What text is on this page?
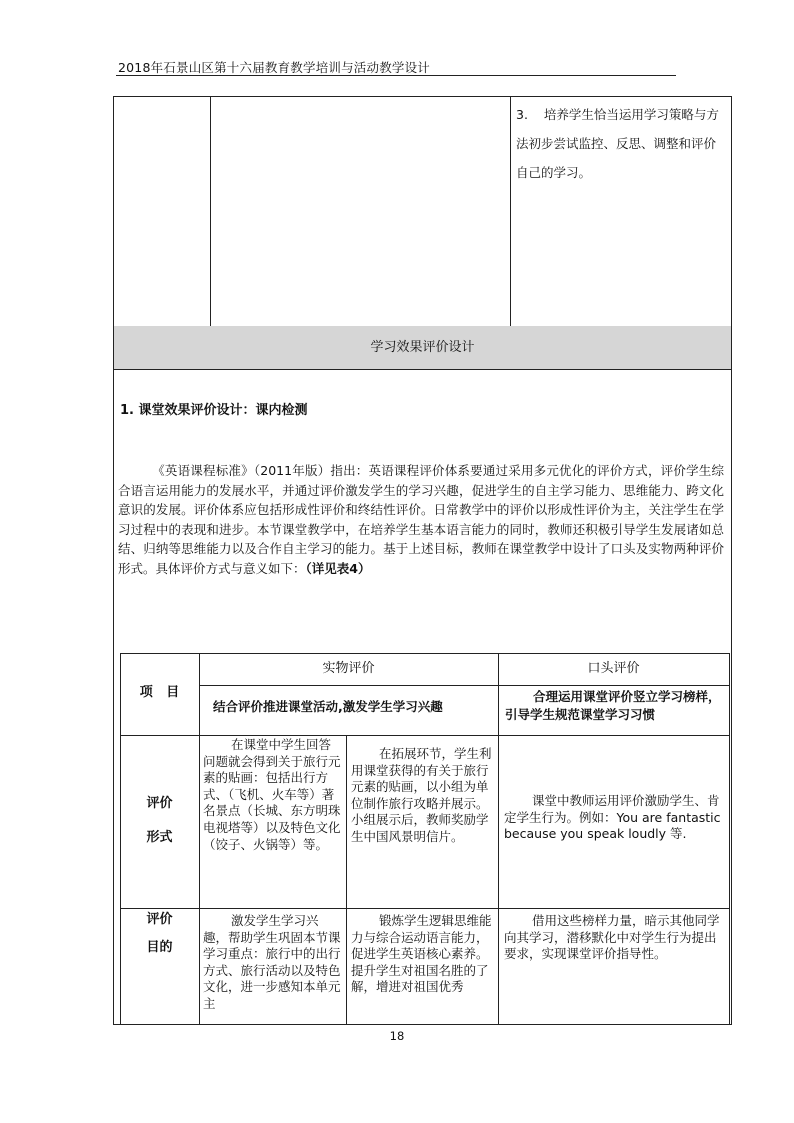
2018年石景山区第十六届教育教学培训与活动教学设计
3.    培养学生恰当运用学习策略与方法初步尝试监控、反思、调整和评价自己的学习。
学习效果评价设计
1. 课堂效果评价设计：课内检测
《英语课程标准》（2011年版）指出：英语课程评价体系要通过采用多元优化的评价方式，评价学生综合语言运用能力的发展水平，并通过评价激发学生的学习兴趣，促进学生的自主学习能力、思维能力、跨文化意识的发展。评价体系应包括形成性评价和终结性评价。日常教学中的评价以形成性评价为主，关注学生在学习过程中的表现和进步。本节课堂教学中，在培养学生基本语言能力的同时，教师还积极引导学生发展诸如总结、归纳等思维能力以及合作自主学习的能力。基于上述目标，教师在课堂教学中设计了口头及实物两种评价形式。具体评价方式与意义如下：（详见表4）
项   目
实物评价	口头评价
结合评价推进课堂活动,激发学生学习兴趣
合理运用课堂评价竖立学习榜样，引导学生规范课堂学习习惯
评价

形式
在课堂中学生回答问题就会得到关于旅行元素的贴画：包括出行方式、（飞机、火车等）著名景点（长城、东方明珠电视塔等）以及特色文化（饺子、火锅等）等。
在拓展环节，学生利用课堂获得的有关于旅行元素的贴画，以小组为单位制作旅行攻略并展示。小组展示后，教师奖励学生中国风景明信片。
课堂中教师运用评价激励学生、肯定学生行为。例如：You are fantastic because you speak loudly 等.
评价

目的
激发学生学习兴趣，帮助学生巩固本节课学习重点：旅行中的出行方式、旅行活动以及特色文化，进一步感知本单元主
锻炼学生逻辑思维能力与综合运动语言能力，促进学生英语核心素养。提升学生对祖国名胜的了解，增进对祖国优秀
借用这些榜样力量，暗示其他同学向其学习，潜移默化中对学生行为提出要求，实现课堂评价指导性。
18
